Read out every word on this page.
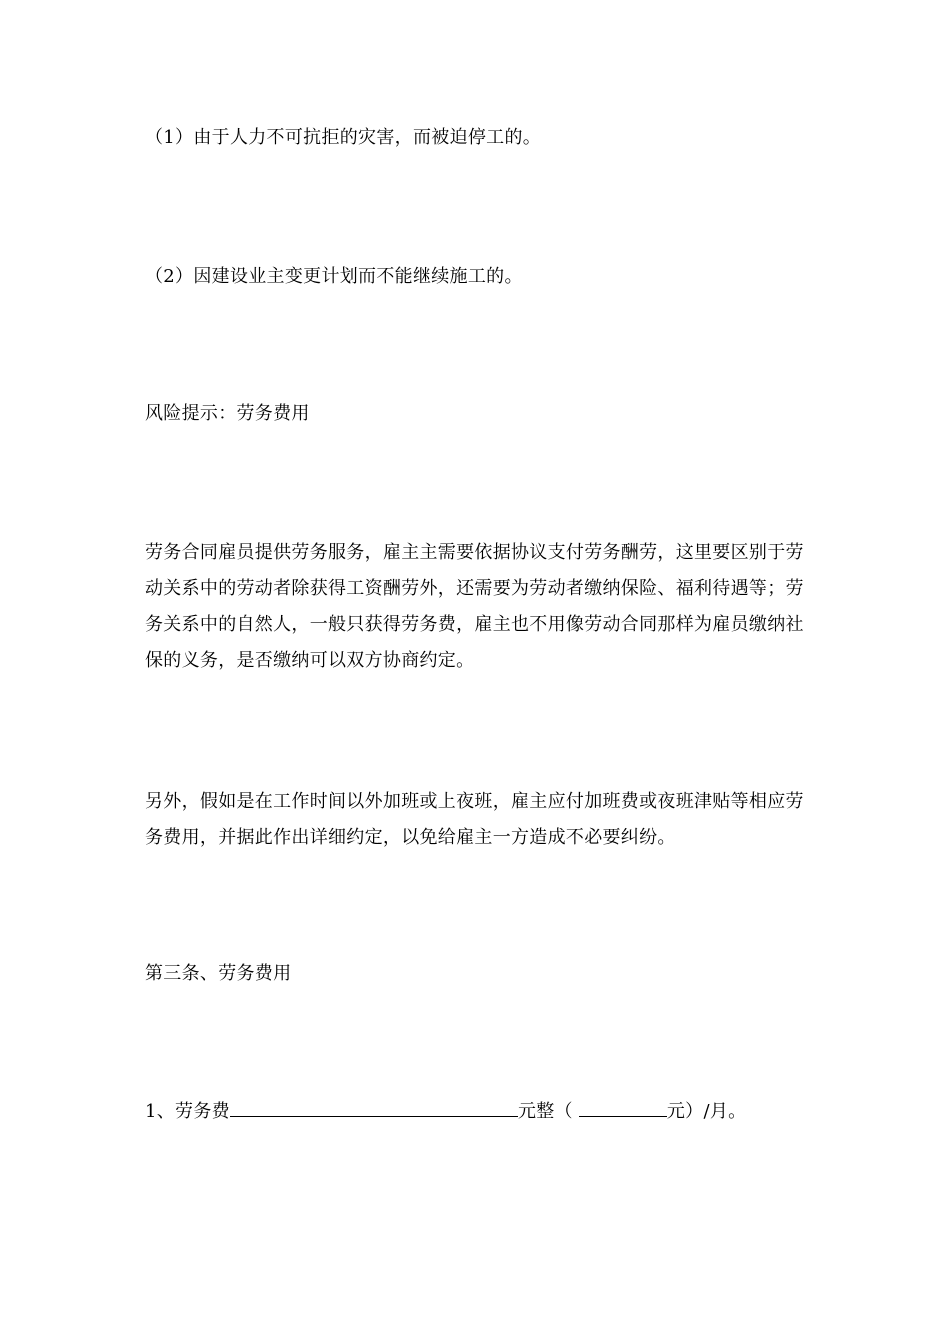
（1）由于人力不可抗拒的灾害，而被迫停工的。

（2）因建设业主变更计划而不能继续施工的。

风险提示：劳务费用

劳务合同雇员提供劳务服务，雇主主需要依据协议支付劳务酬劳，这里要区别于劳动关系中的劳动者除获得工资酬劳外，还需要为劳动者缴纳保险、福利待遇等；劳务关系中的自然人，一般只获得劳务费，雇主也不用像劳动合同那样为雇员缴纳社保的义务，是否缴纳可以双方协商约定。

另外，假如是在工作时间以外加班或上夜班，雇主应付加班费或夜班津贴等相应劳务费用，并据此作出详细约定，以免给雇主一方造成不必要纠纷。

第三条、劳务费用

1、劳务费	元整（	元）/月。
